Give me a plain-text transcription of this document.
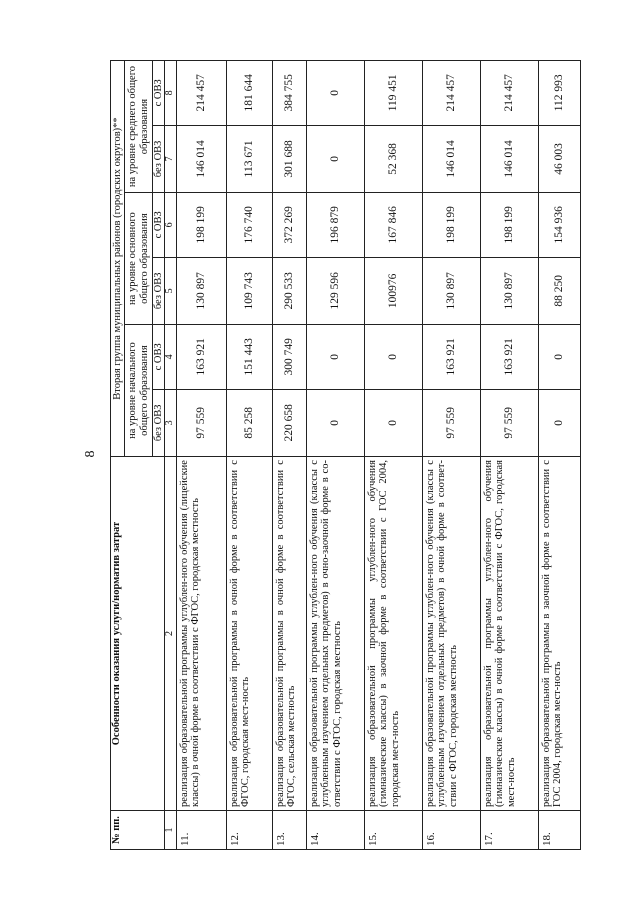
8
№ пп.	Особенности оказания услуги/норматив затрат	Вторая группа муниципальных районов (городских округов)**					
		на уровне начального общего образования		на уровне основного общего образования		на уровне среднего общего образования	
		без ОВЗ	с ОВЗ	без ОВЗ	с ОВЗ	без ОВЗ	с ОВЗ
1	2	3	4	5	6	7	8
11.	реализация образовательной программы углублен-ного обучения (лицейские классы) в очной форме в соответствии с ФГОС, городская местность	97 559	163 921	130 897	198 199	146 014	214 457
12.	реализация образовательной программы в очной форме в соответствии с ФГОС, городская мест-ность	85 258	151 443	109 743	176 740	113 671	181 644
13.	реализация образовательной программы в очной форме в соответствии с ФГОС, сельская местность	220 658	300 749	290 533	372 269	301 688	384 755
14.	реализация образовательной программы углублен-ного обучения (классы с углубленным изучением отдельных предметов) в очно-заочной форме в со-ответствии с ФГОС, городская местность	0	0	129 596	196 879	0	0
15.	реализация образовательной программы углублен-ного обучения (гимназические классы) в заочной форме в соответствии с ГОС 2004, городская мест-ность	0	0	100976	167 846	52 368	119 451
16.	реализация образовательной программы углублен-ного обучения (классы с углубленным изучением отдельных предметов) в очной форме в соответ-ствии с ФГОС, городская местность	97 559	163 921	130 897	198 199	146 014	214 457
17.	реализация образовательной программы углублен-ного обучения (гимназические классы) в очной форме в соответствии с ФГОС, городская мест-ность	97 559	163 921	130 897	198 199	146 014	214 457
18.	реализация образовательной программы в заочной форме в соответствии с ГОС 2004, городская мест-ность	0	0	88 250	154 936	46 003	112 993
